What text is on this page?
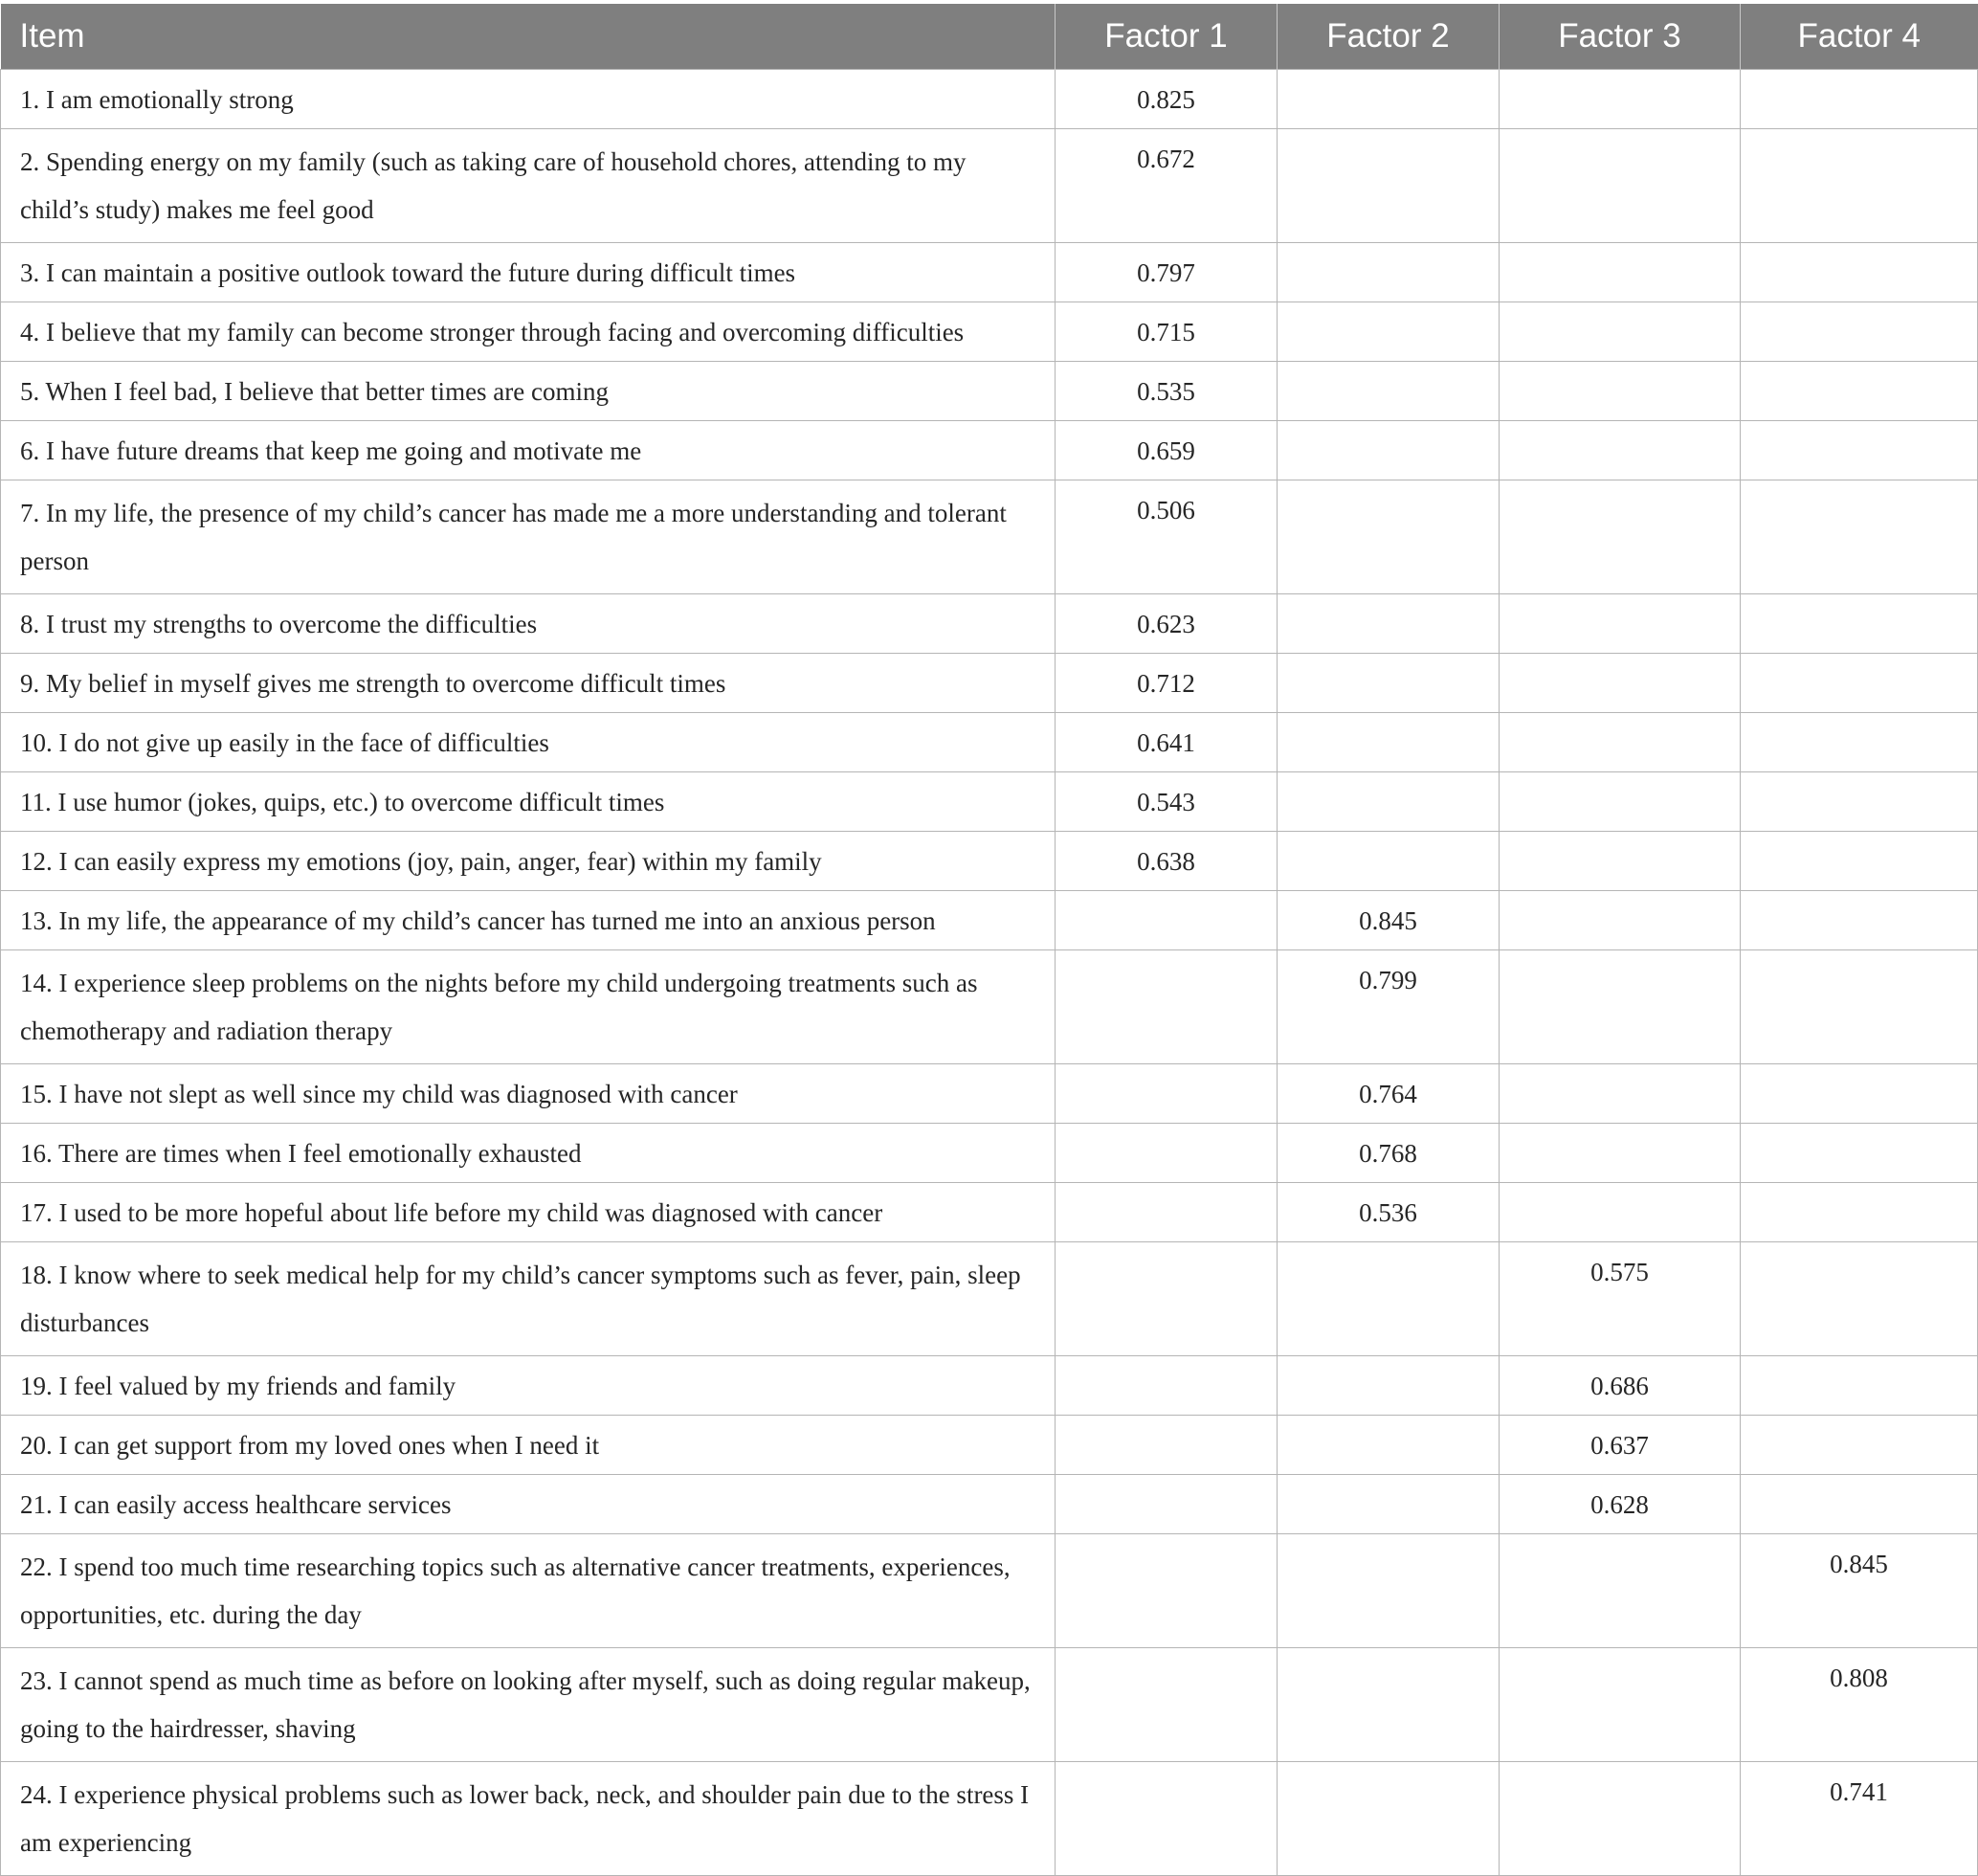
Item	Factor 1	Factor 2	Factor 3	Factor 4
1. I am emotionally strong	0.825			
2. Spending energy on my family (such as taking care of household chores, attending to my child’s study) makes me feel good	0.672			
3. I can maintain a positive outlook toward the future during difficult times	0.797			
4. I believe that my family can become stronger through facing and overcoming difficulties	0.715			
5. When I feel bad, I believe that better times are coming	0.535			
6. I have future dreams that keep me going and motivate me	0.659			
7. In my life, the presence of my child’s cancer has made me a more understanding and tolerant person	0.506			
8. I trust my strengths to overcome the difficulties	0.623			
9. My belief in myself gives me strength to overcome difficult times	0.712			
10. I do not give up easily in the face of difficulties	0.641			
11. I use humor (jokes, quips, etc.) to overcome difficult times	0.543			
12. I can easily express my emotions (joy, pain, anger, fear) within my family	0.638			
13. In my life, the appearance of my child’s cancer has turned me into an anxious person		0.845		
14. I experience sleep problems on the nights before my child undergoing treatments such as chemotherapy and radiation therapy		0.799		
15. I have not slept as well since my child was diagnosed with cancer		0.764		
16. There are times when I feel emotionally exhausted		0.768		
17. I used to be more hopeful about life before my child was diagnosed with cancer		0.536		
18. I know where to seek medical help for my child’s cancer symptoms such as fever, pain, sleep disturbances			0.575	
19. I feel valued by my friends and family			0.686	
20. I can get support from my loved ones when I need it			0.637	
21. I can easily access healthcare services			0.628	
22. I spend too much time researching topics such as alternative cancer treatments, experiences, opportunities, etc. during the day				0.845
23. I cannot spend as much time as before on looking after myself, such as doing regular makeup, going to the hairdresser, shaving				0.808
24. I experience physical problems such as lower back, neck, and shoulder pain due to the stress I am experiencing				0.741
